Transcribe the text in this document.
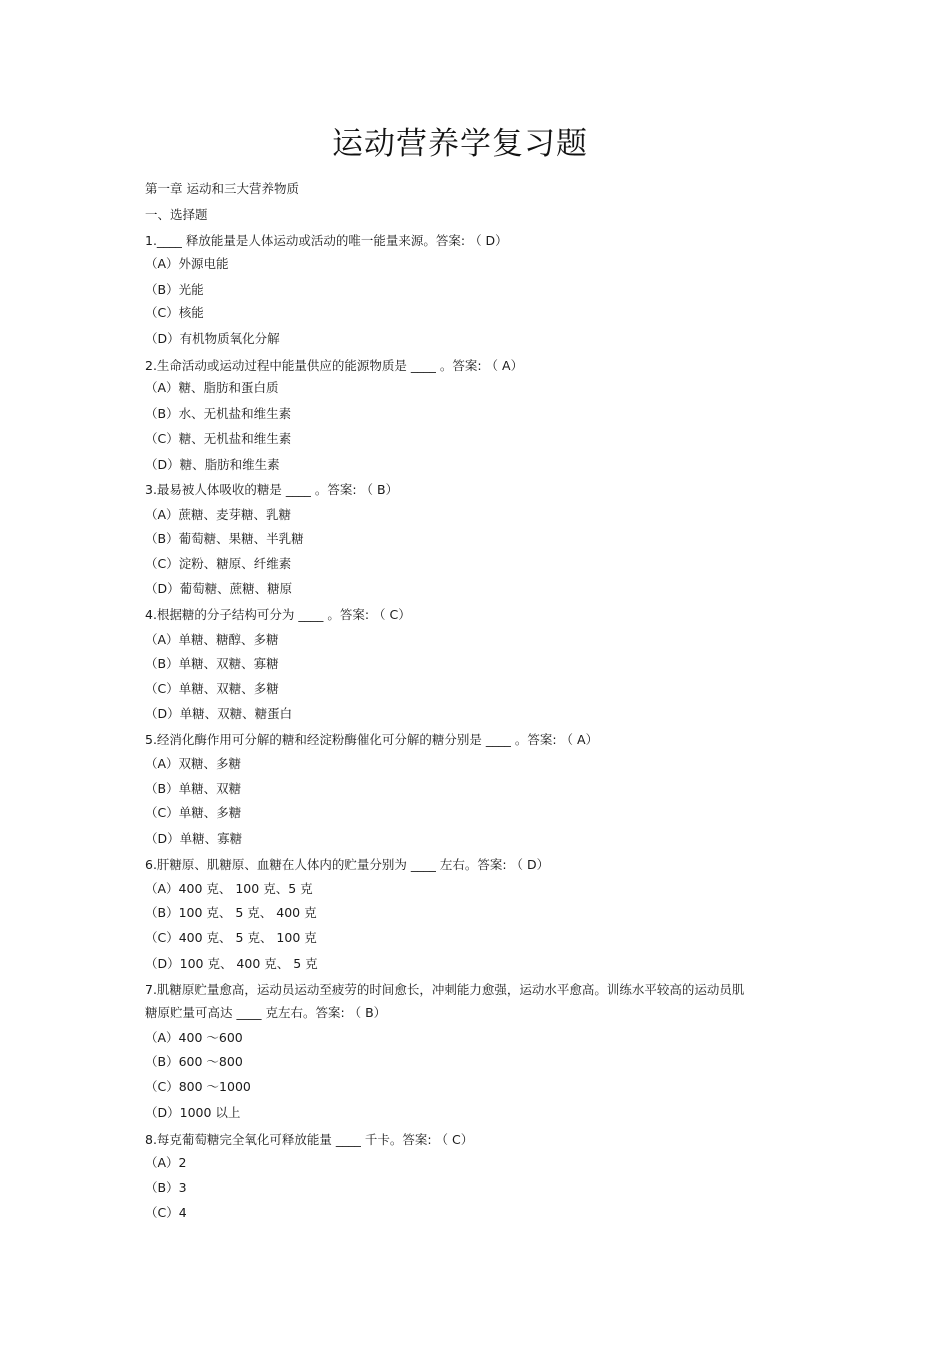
运动营养学复习题
第一章 运动和三大营养物质
一、选择题
1.____ 释放能量是人体运动或活动的唯一能量来源。答案: （ D）
（A）外源电能
（B）光能
（C）核能
（D）有机物质氧化分解
2.生命活动或运动过程中能量供应的能源物质是 ____ 。答案: （ A）
（A）糖、脂肪和蛋白质
（B）水、无机盐和维生素
（C）糖、无机盐和维生素
（D）糖、脂肪和维生素
3.最易被人体吸收的糖是 ____ 。答案: （ B）
（A）蔗糖、麦芽糖、乳糖
（B）葡萄糖、果糖、半乳糖
（C）淀粉、糖原、纤维素
（D）葡萄糖、蔗糖、糖原
4.根据糖的分子结构可分为 ____ 。答案: （ C）
（A）单糖、糖醇、多糖
（B）单糖、双糖、寡糖
（C）单糖、双糖、多糖
（D）单糖、双糖、糖蛋白
5.经消化酶作用可分解的糖和经淀粉酶催化可分解的糖分别是 ____ 。答案: （ A）
（A）双糖、多糖
（B）单糖、双糖
（C）单糖、多糖
（D）单糖、寡糖
6.肝糖原、肌糖原、血糖在人体内的贮量分别为 ____ 左右。答案: （ D）
（A）400 克、 100 克、5 克
（B）100 克、 5 克、 400 克
（C）400 克、 5 克、 100 克
（D）100 克、 400 克、 5 克
7.肌糖原贮量愈高，运动员运动至疲劳的时间愈长，冲刺能力愈强，运动水平愈高。训练水平较高的运动员肌糖原贮量可高达 ____ 克左右。答案: （ B）
（A）400 ～600
（B）600 ～800
（C）800 ～1000
（D）1000 以上
8.每克葡萄糖完全氧化可释放能量 ____ 千卡。答案: （ C）
（A）2
（B）3
（C）4
